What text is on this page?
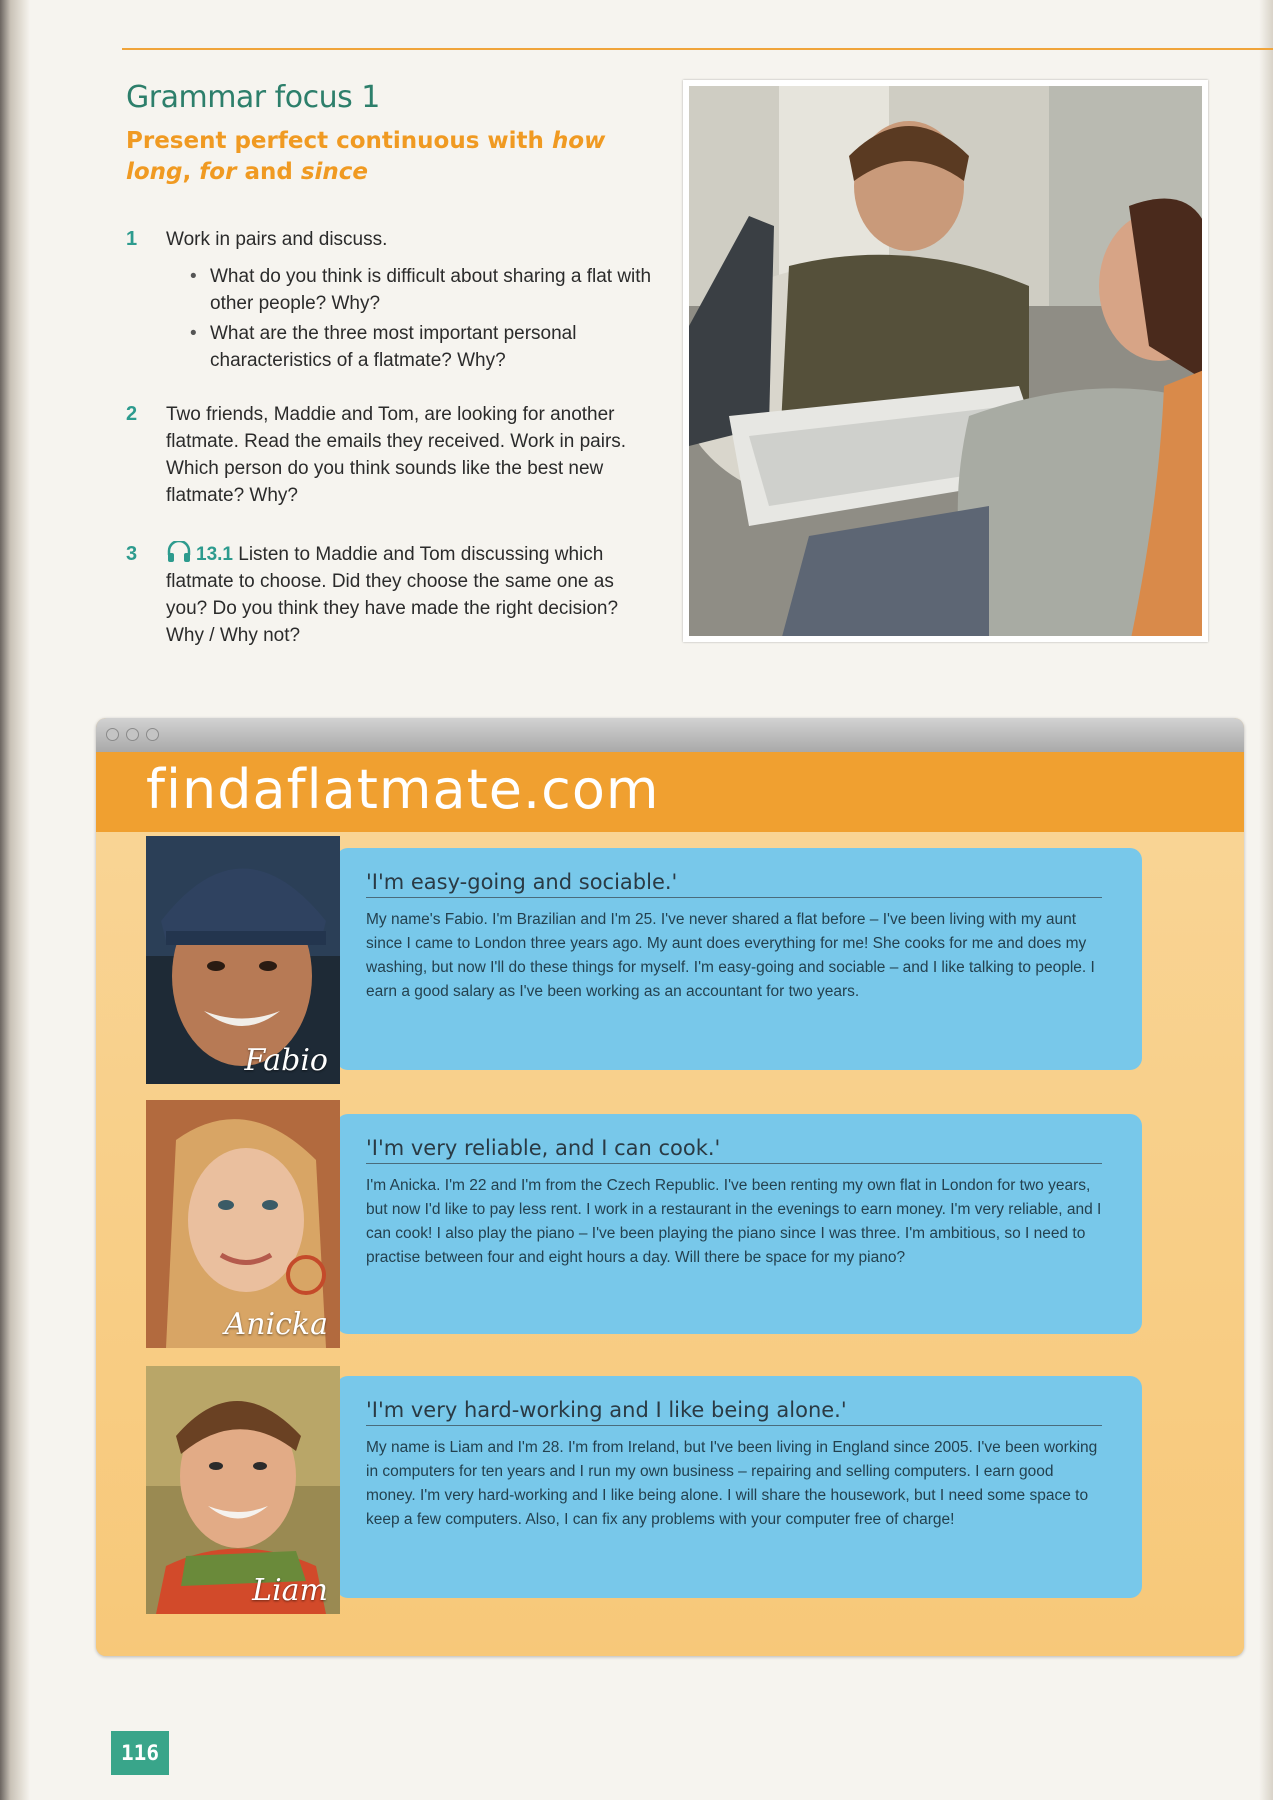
Grammar focus 1
Present perfect continuous with how long, for and since
1 Work in pairs and discuss.
• What do you think is difficult about sharing a flat with other people? Why?
• What are the three most important personal characteristics of a flatmate? Why?
2 Two friends, Maddie and Tom, are looking for another flatmate. Read the emails they received. Work in pairs. Which person do you think sounds like the best new flatmate? Why?
3	13.1 Listen to Maddie and Tom discussing which flatmate to choose. Did they choose the same one as you? Do you think they have made the right decision? Why / Why not?
findaflatmate.com
'I'm easy-going and sociable.'
My name's Fabio. I'm Brazilian and I'm 25. I've never shared a flat before – I've been living with my aunt since I came to London three years ago. My aunt does everything for me! She cooks for me and does my washing, but now I'll do these things for myself. I'm easy-going and sociable – and I like talking to people. I earn a good salary as I've been working as an accountant for two years.
Fabio
'I'm very reliable, and I can cook.'
I'm Anicka. I'm 22 and I'm from the Czech Republic. I've been renting my own flat in London for two years, but now I'd like to pay less rent. I work in a restaurant in the evenings to earn money. I'm very reliable, and I can cook! I also play the piano – I've been playing the piano since I was three. I'm ambitious, so I need to practise between four and eight hours a day. Will there be space for my piano?
Anicka
'I'm very hard-working and I like being alone.'
My name is Liam and I'm 28. I'm from Ireland, but I've been living in England since 2005. I've been working in computers for ten years and I run my own business – repairing and selling computers. I earn good money. I'm very hard-working and I like being alone. I will share the housework, but I need some space to keep a few computers. Also, I can fix any problems with your computer free of charge!
Liam
116
